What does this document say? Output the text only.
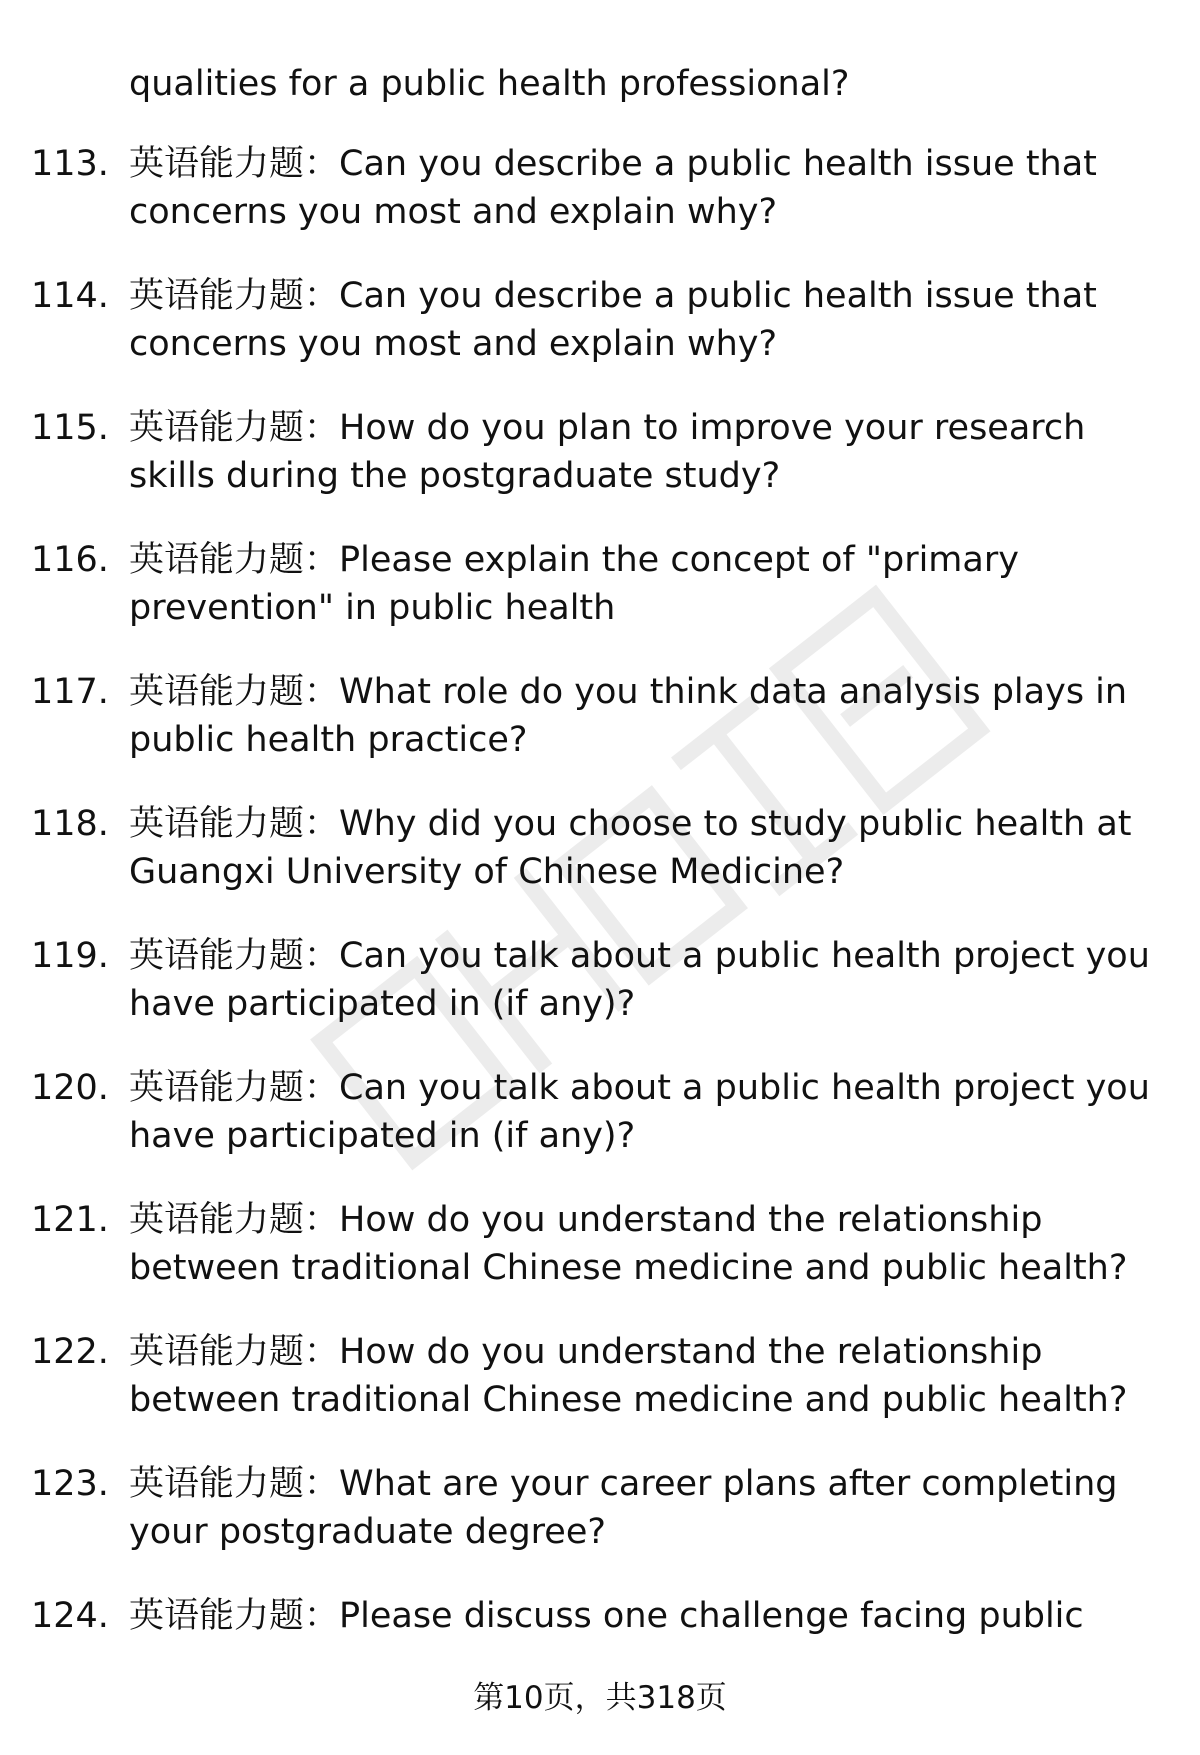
qualities for a public health professional?
113. 英语能力题：Can you describe a public health issue that concerns you most and explain why?
114. 英语能力题：Can you describe a public health issue that concerns you most and explain why?
115. 英语能力题：How do you plan to improve your research skills during the postgraduate study?
116. 英语能力题：Please explain the concept of "primary prevention" in public health
117. 英语能力题：What role do you think data analysis plays in public health practice?
118. 英语能力题：Why did you choose to study public health at Guangxi University of Chinese Medicine?
119. 英语能力题：Can you talk about a public health project you have participated in (if any)?
120. 英语能力题：Can you talk about a public health project you have participated in (if any)?
121. 英语能力题：How do you understand the relationship between traditional Chinese medicine and public health?
122. 英语能力题：How do you understand the relationship between traditional Chinese medicine and public health?
123. 英语能力题：What are your career plans after completing your postgraduate degree?
124. 英语能力题：Please discuss one challenge facing public
第10页，共318页
